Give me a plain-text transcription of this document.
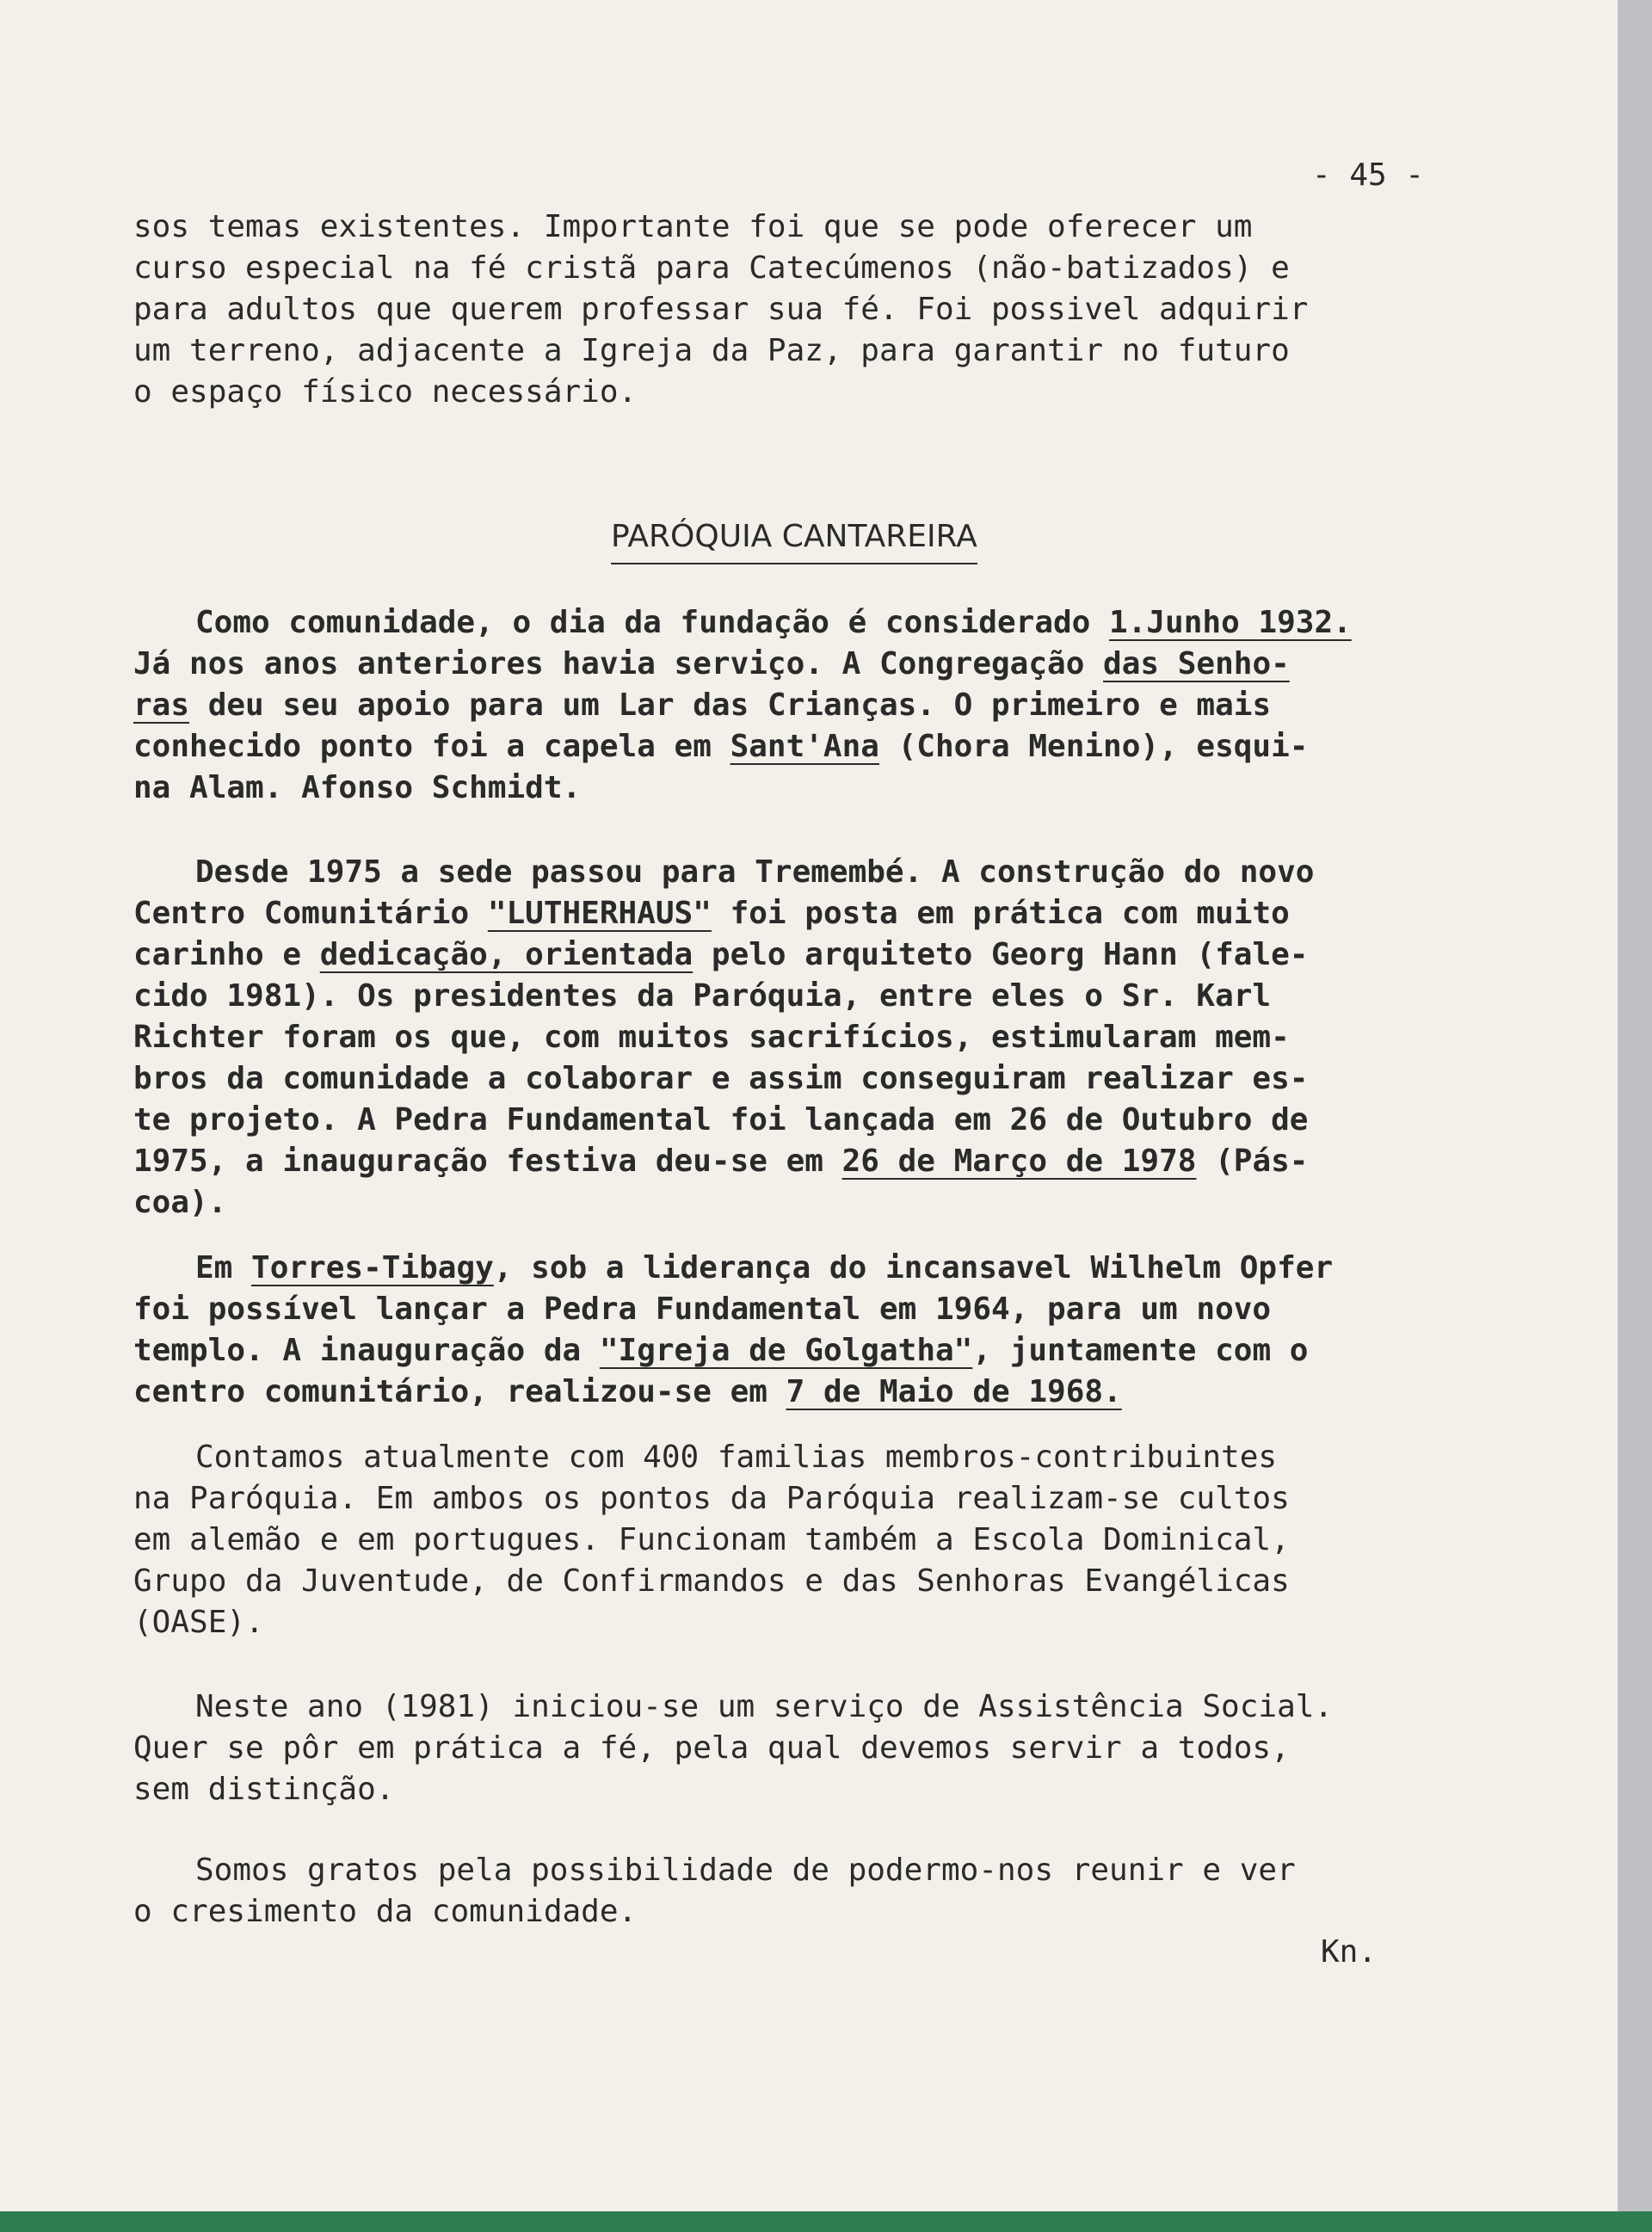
- 45 -

sos temas existentes. Importante foi que se pode oferecer um
curso especial na fé cristã para Catecúmenos (não-batizados) e
para adultos que querem professar sua fé. Foi possivel adquirir
um terreno, adjacente a Igreja da Paz, para garantir no futuro
o espaço físico necessário.

PARÓQUIA CANTAREIRA

Como comunidade, o dia da fundação é considerado 1.Junho 1932.
Já nos anos anteriores havia serviço. A Congregação das Senho-
ras deu seu apoio para um Lar das Crianças. O primeiro e mais
conhecido ponto foi a capela em Sant'Ana (Chora Menino), esqui-
na Alam. Afonso Schmidt.

Desde 1975 a sede passou para Tremembé. A construção do novo
Centro Comunitário "LUTHERHAUS" foi posta em prática com muito
carinho e dedicação, orientada pelo arquiteto Georg Hann (fale-
cido 1981). Os presidentes da Paróquia, entre eles o Sr. Karl
Richter foram os que, com muitos sacrifícios, estimularam mem-
bros da comunidade a colaborar e assim conseguiram realizar es-
te projeto. A Pedra Fundamental foi lançada em 26 de Outubro de
1975, a inauguração festiva deu-se em 26 de Março de 1978 (Pás-
coa).

Em Torres-Tibagy, sob a liderança do incansavel Wilhelm Opfer
foi possível lançar a Pedra Fundamental em 1964, para um novo
templo. A inauguração da "Igreja de Golgatha", juntamente com o
centro comunitário, realizou-se em 7 de Maio de 1968.

Contamos atualmente com 400 familias membros-contribuintes
na Paróquia. Em ambos os pontos da Paróquia realizam-se cultos
em alemão e em portugues. Funcionam também a Escola Dominical,
Grupo da Juventude, de Confirmandos e das Senhoras Evangélicas
(OASE).

Neste ano (1981) iniciou-se um serviço de Assistência Social.
Quer se pôr em prática a fé, pela qual devemos servir a todos,
sem distinção.

Somos gratos pela possibilidade de podermo-nos reunir e ver
o cresimento da comunidade.

Kn.
